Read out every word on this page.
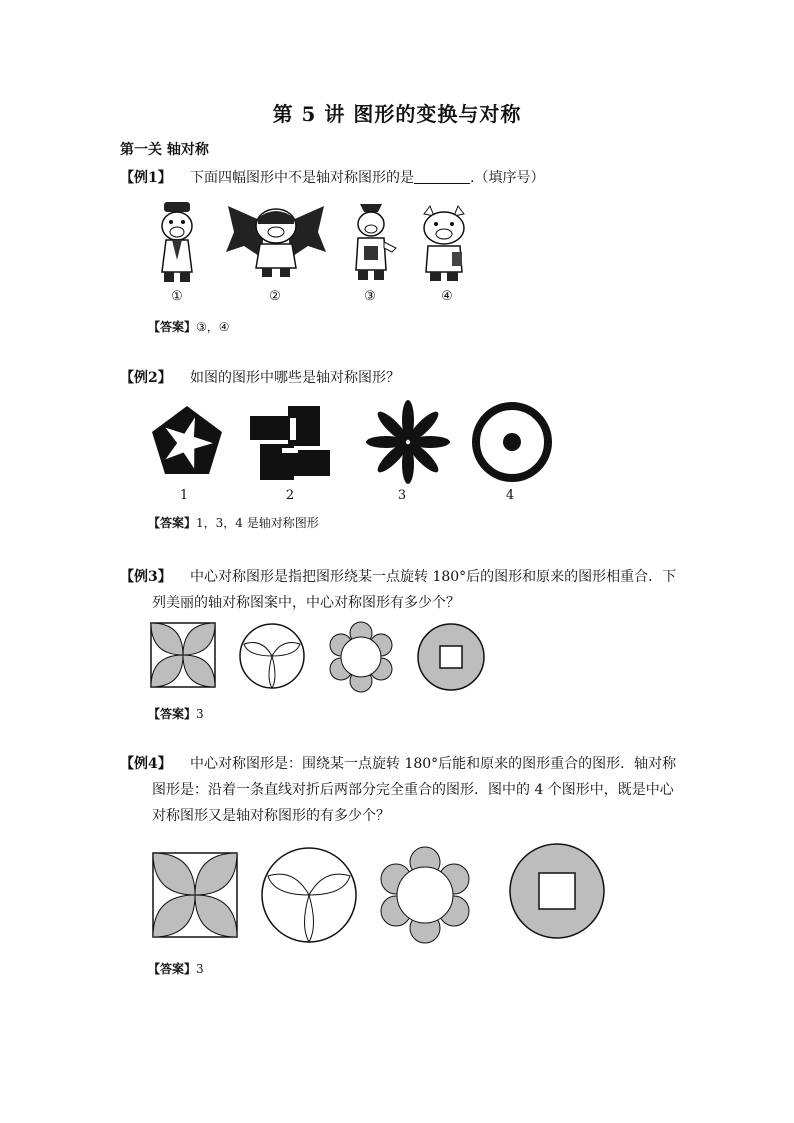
第 5 讲 图形的变换与对称
第一关 轴对称
【例1】 下面四幅图形中不是轴对称图形的是	.（填序号）
①	②	③	④
【答案】③，④
【例2】 如图的图形中哪些是轴对称图形？
1	2	3	4
【答案】1，3，4 是轴对称图形
【例3】 中心对称图形是指把图形绕某一点旋转 180°后的图形和原来的图形相重合．下
列美丽的轴对称图案中，中心对称图形有多少个？
【答案】3
【例4】 中心对称图形是：围绕某一点旋转 180°后能和原来的图形重合的图形．轴对称
图形是：沿着一条直线对折后两部分完全重合的图形．图中的 4 个图形中，既是中心
对称图形又是轴对称图形的有多少个？
【答案】3
